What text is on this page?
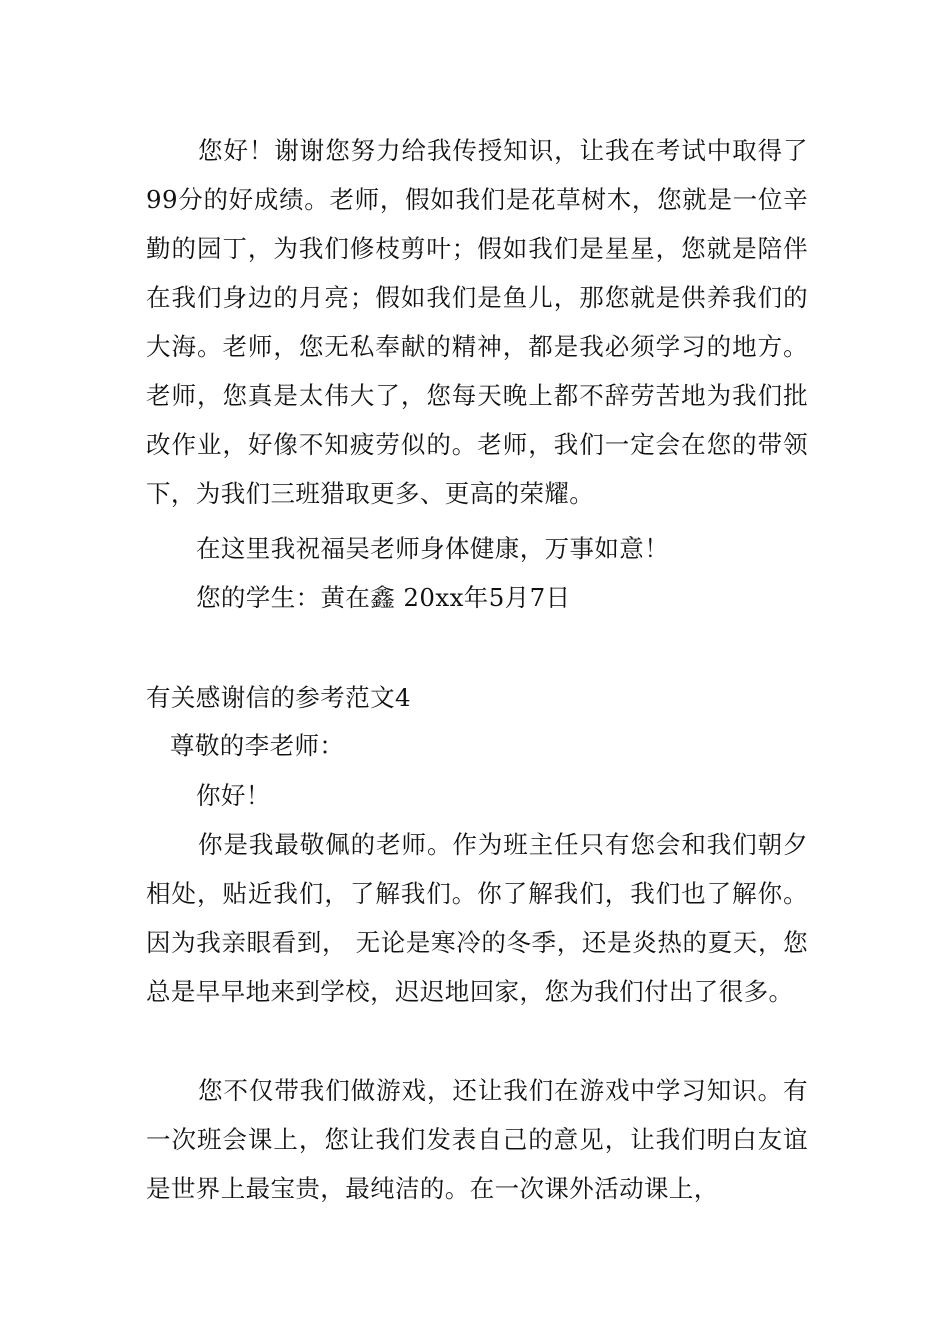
您好！谢谢您努力给我传授知识，让我在考试中取得了99分的好成绩。老师，假如我们是花草树木，您就是一位辛勤的园丁，为我们修枝剪叶；假如我们是星星，您就是陪伴在我们身边的月亮；假如我们是鱼儿，那您就是供养我们的大海。老师，您无私奉献的精神，都是我必须学习的地方。老师，您真是太伟大了，您每天晚上都不辞劳苦地为我们批改作业，好像不知疲劳似的。老师，我们一定会在您的带领下，为我们三班猎取更多、更高的荣耀。

在这里我祝福吴老师身体健康，万事如意！

您的学生：黄在鑫 20xx年5月7日

有关感谢信的参考范文4

尊敬的李老师：

你好！

你是我最敬佩的老师。作为班主任只有您会和我们朝夕相处，贴近我们，了解我们。你了解我们，我们也了解你。因为我亲眼看到， 无论是寒冷的冬季，还是炎热的夏天，您总是早早地来到学校，迟迟地回家，您为我们付出了很多。

您不仅带我们做游戏，还让我们在游戏中学习知识。有一次班会课上，您让我们发表自己的意见，让我们明白友谊是世界上最宝贵，最纯洁的。在一次课外活动课上，
